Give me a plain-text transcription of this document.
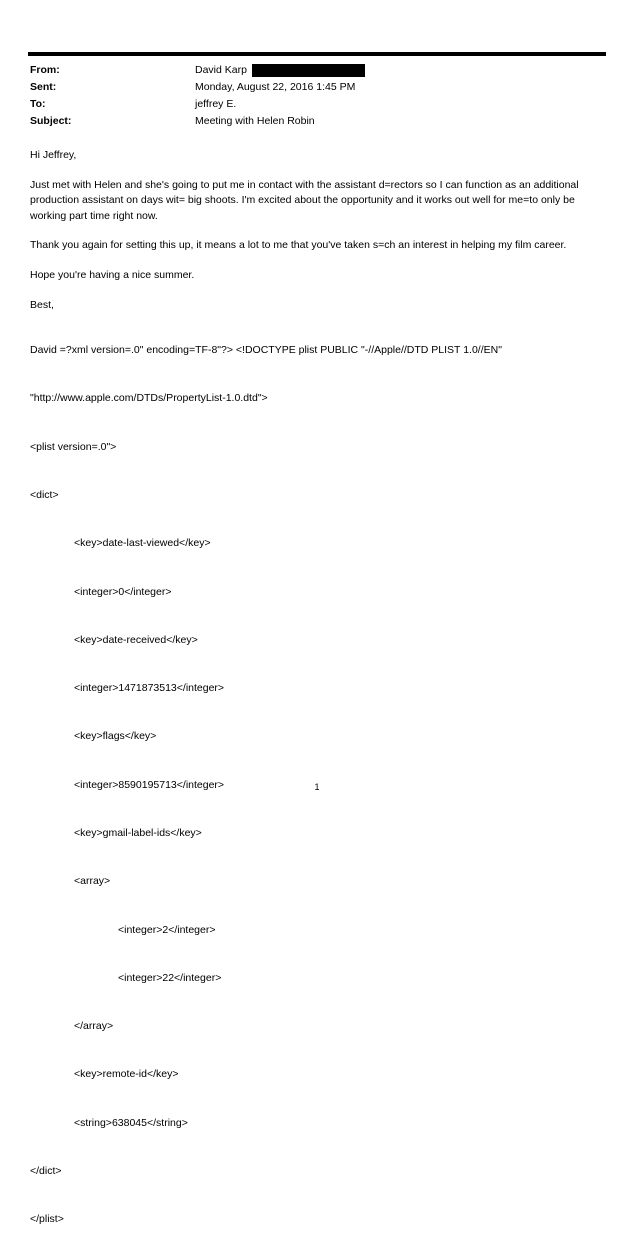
From:	David Karp
Sent:	Monday, August 22, 2016 1:45 PM
To:	jeffrey E.
Subject:	Meeting with Helen Robin

Hi Jeffrey,

Just met with Helen and she's going to put me in contact with the assistant d=rectors so I can function as an additional production assistant on days wit= big shoots. I'm excited about the opportunity and it works out well for me=to only be working part time right now.

Thank you again for setting this up, it means a lot to me that you've taken s=ch an interest in helping my film career.

Hope you're having a nice summer.

Best,

David =?xml version=.0" encoding=TF-8"?> <!DOCTYPE plist PUBLIC "-//Apple//DTD PLIST 1.0//EN"

"http://www.apple.com/DTDs/PropertyList-1.0.dtd">

<plist version=.0">

<dict>

<key>date-last-viewed</key>

<integer>0</integer>

<key>date-received</key>

<integer>1471873513</integer>

<key>flags</key>

<integer>8590195713</integer>

<key>gmail-label-ids</key>

<array>

<integer>2</integer>

<integer>22</integer>

</array>

<key>remote-id</key>

<string>638045</string>

</dict>

</plist>

1
